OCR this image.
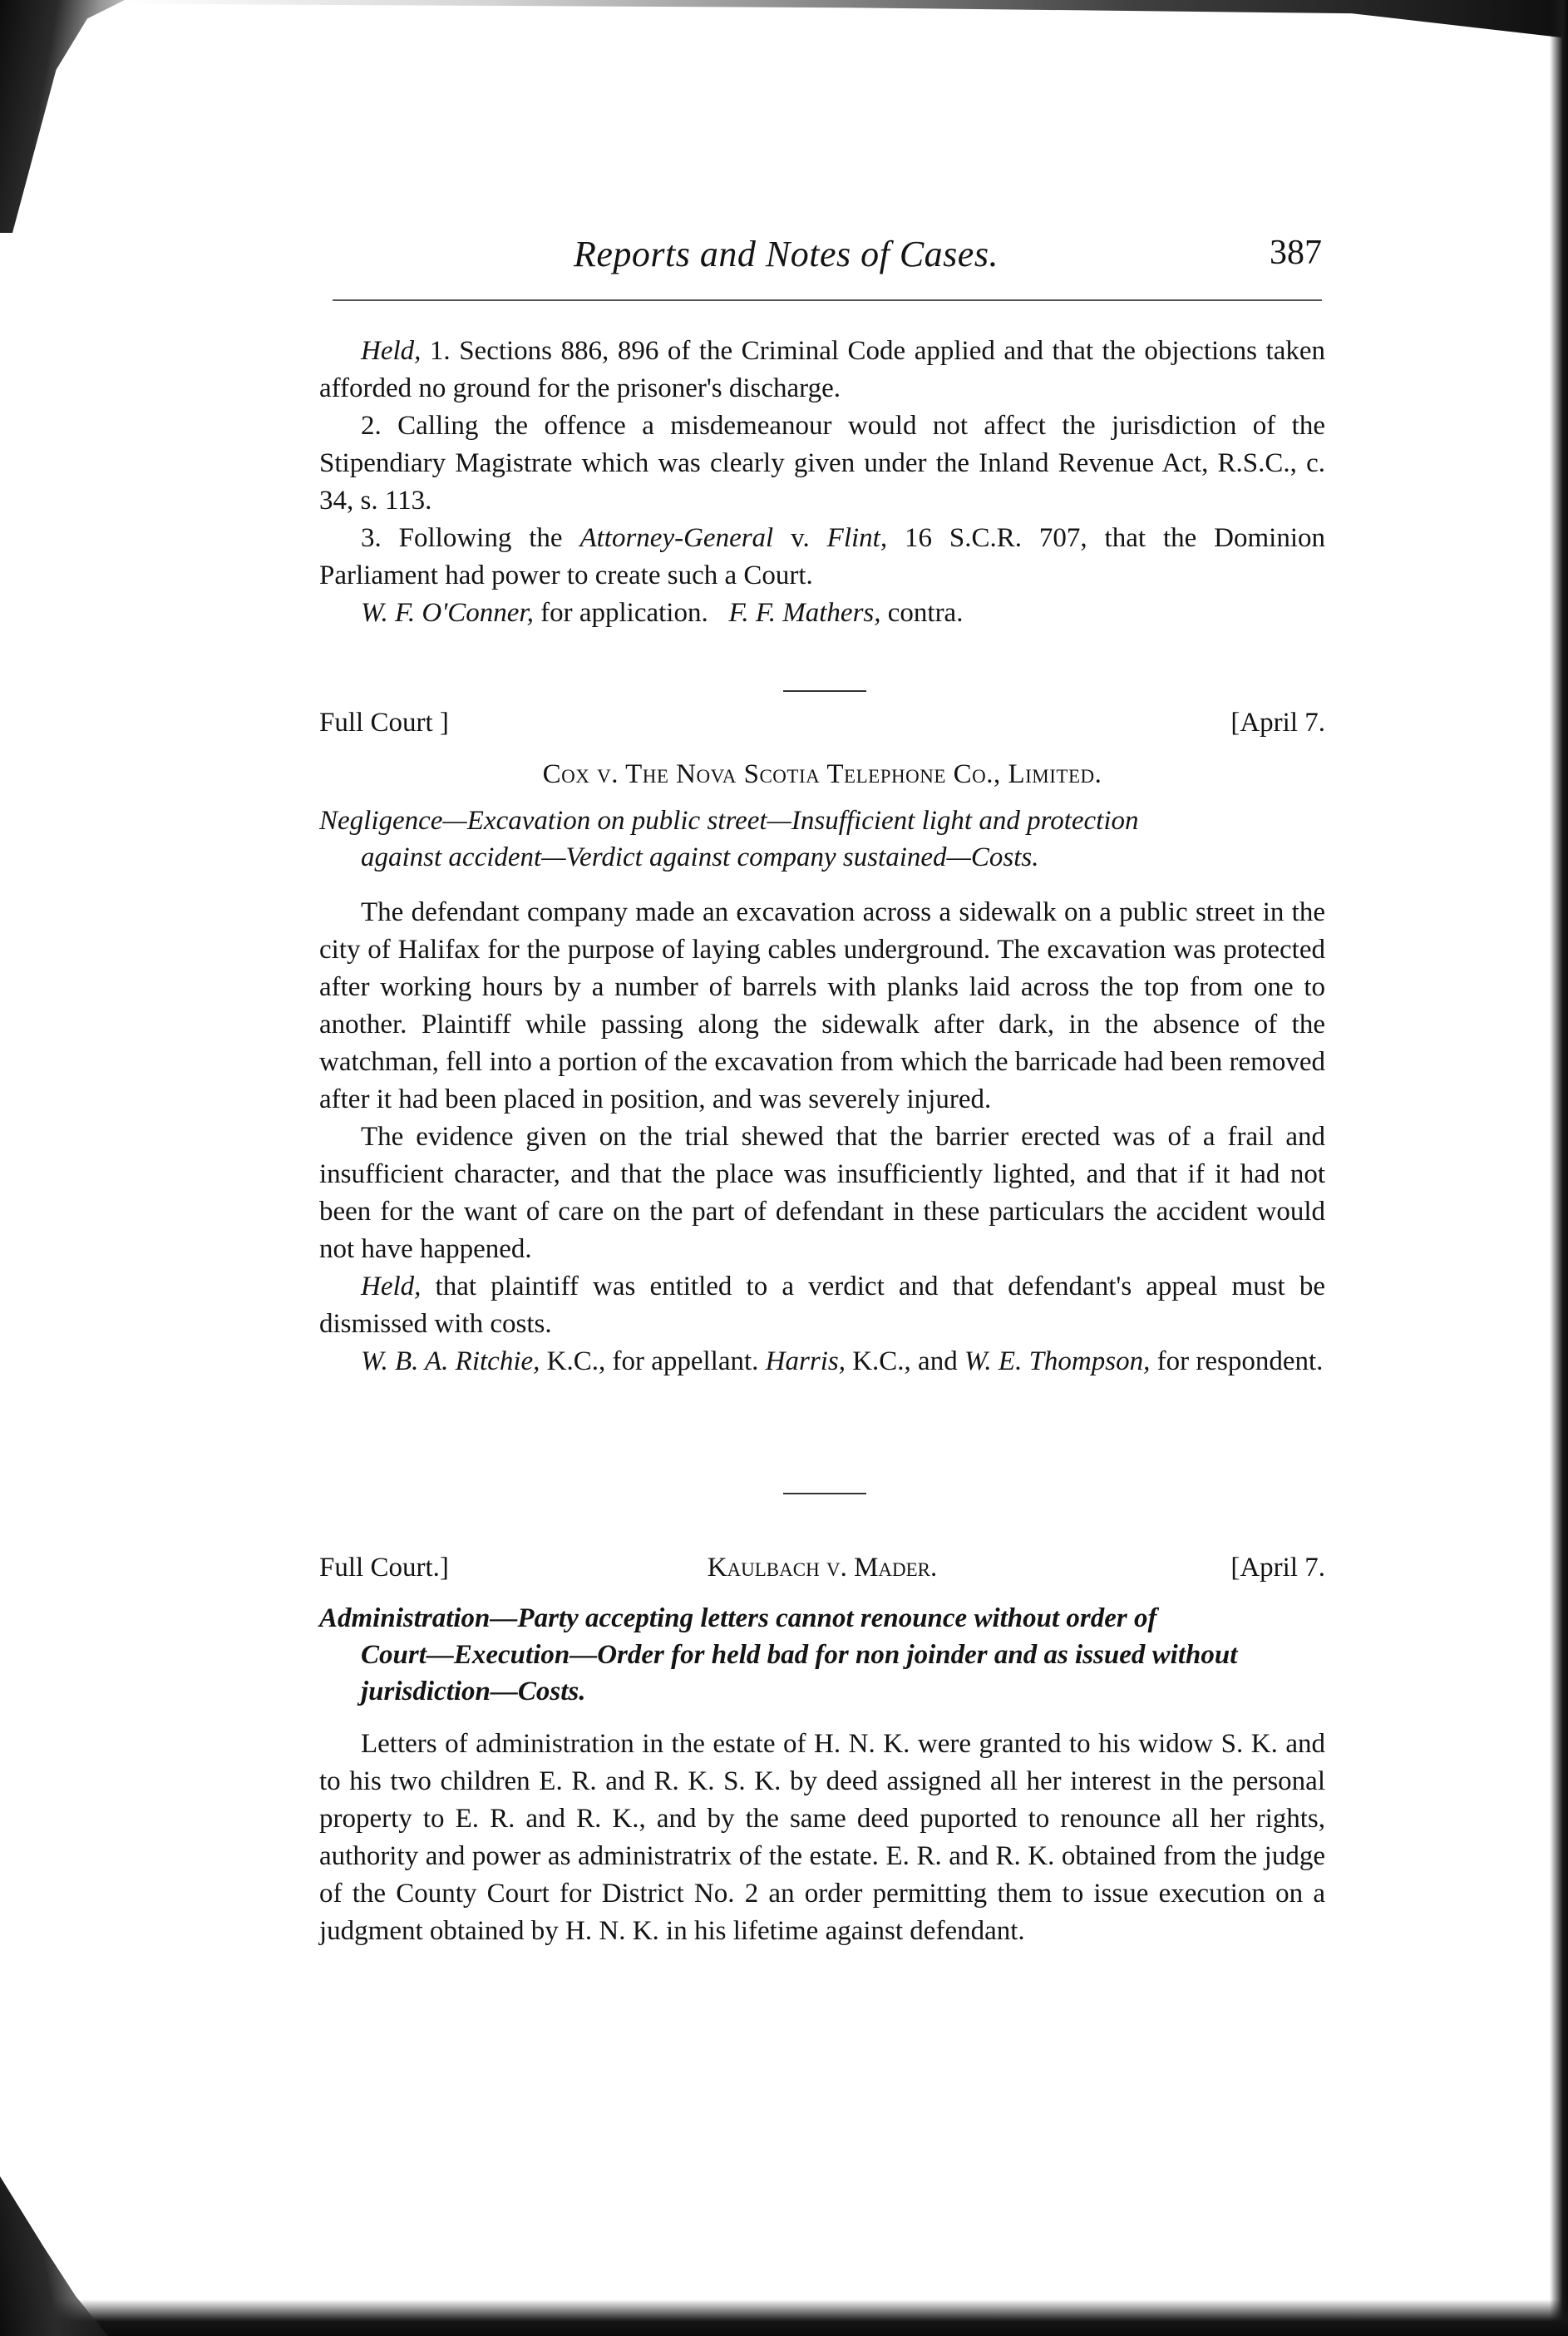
Reports and Notes of Cases.	387

Held, 1. Sections 886, 896 of the Criminal Code applied and that the objections taken afforded no ground for the prisoner's discharge.

2. Calling the offence a misdemeanour would not affect the jurisdiction of the Stipendiary Magistrate which was clearly given under the Inland Revenue Act, R.S.C., c. 34, s. 113.

3. Following the Attorney-General v. Flint, 16 S.C.R. 707, that the Dominion Parliament had power to create such a Court.

W. F. O'Conner, for application. F. F. Mathers, contra.

Full Court ]	[April 7.
Cox v. The Nova Scotia Telephone Co., Limited.

Negligence—Excavation on public street—Insufficient light and protection

against accident—Verdict against company sustained—Costs.

The defendant company made an excavation across a sidewalk on a public street in the city of Halifax for the purpose of laying cables underground. The excavation was protected after working hours by a number of barrels with planks laid across the top from one to another. Plaintiff while passing along the sidewalk after dark, in the absence of the watchman, fell into a portion of the excavation from which the barricade had been removed after it had been placed in position, and was severely injured.

The evidence given on the trial shewed that the barrier erected was of a frail and insufficient character, and that the place was insufficiently lighted, and that if it had not been for the want of care on the part of defendant in these particulars the accident would not have happened.

Held, that plaintiff was entitled to a verdict and that defendant's appeal must be dismissed with costs.

W. B. A. Ritchie, K.C., for appellant. Harris, K.C., and W. E. Thompson, for respondent.

Full Court.]	Kaulbach v. Mader.	[April 7.

Administration—Party accepting letters cannot renounce without order of

Court—Execution—Order for held bad for non joinder and as issued without jurisdiction—Costs.

Letters of administration in the estate of H. N. K. were granted to his widow S. K. and to his two children E. R. and R. K. S. K. by deed assigned all her interest in the personal property to E. R. and R. K., and by the same deed puported to renounce all her rights, authority and power as administratrix of the estate. E. R. and R. K. obtained from the judge of the County Court for District No. 2 an order permitting them to issue execution on a judgment obtained by H. N. K. in his lifetime against defendant.
